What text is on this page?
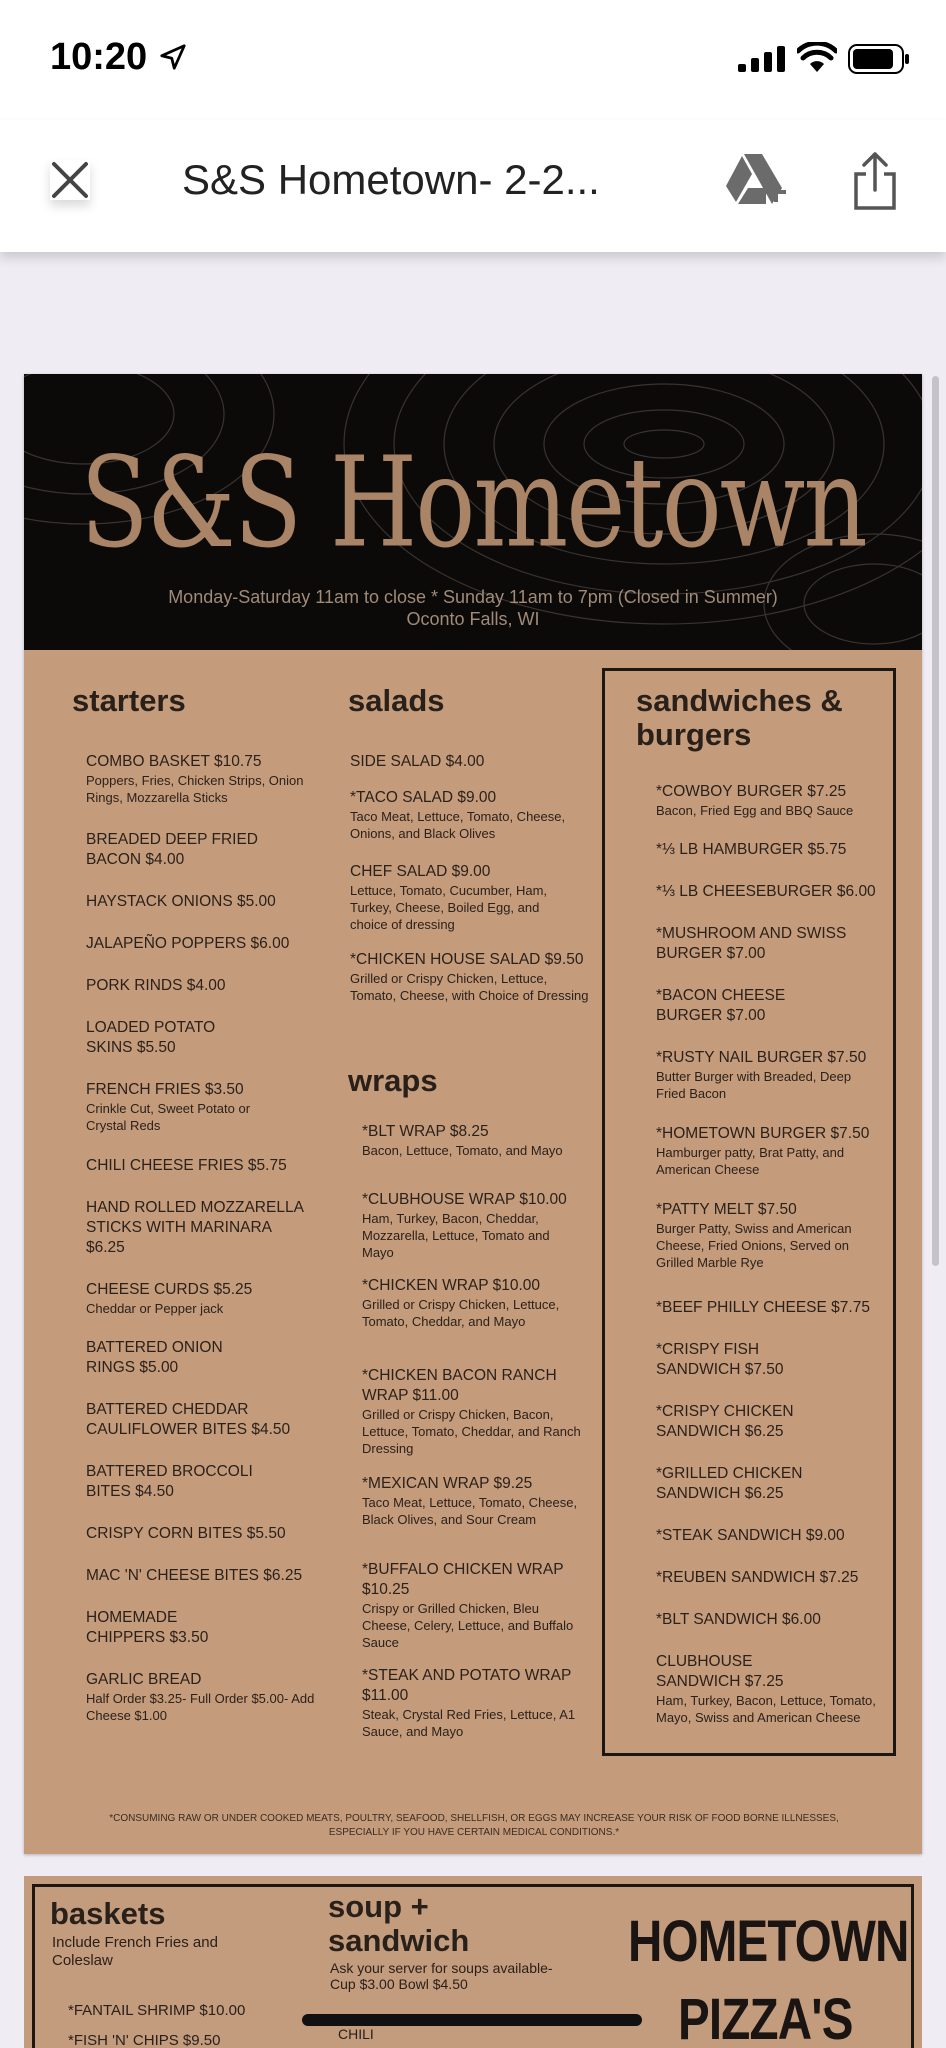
10:20
S&S Hometown- 2-2...
S&S Hometown
Monday-Saturday 11am to close * Sunday 11am to 7pm (Closed in Summer)
Oconto Falls, WI
starters
COMBO BASKET $10.75
Poppers, Fries, Chicken Strips, Onion Rings, Mozzarella Sticks
BREADED DEEP FRIED BACON $4.00
HAYSTACK ONIONS $5.00
JALAPEÑO POPPERS $6.00
PORK RINDS $4.00
LOADED POTATO SKINS $5.50
FRENCH FRIES $3.50
Crinkle Cut, Sweet Potato or Crystal Reds
CHILI CHEESE FRIES $5.75
HAND ROLLED MOZZARELLA STICKS WITH MARINARA $6.25
CHEESE CURDS $5.25
Cheddar or Pepper jack
BATTERED ONION RINGS $5.00
BATTERED CHEDDAR CAULIFLOWER BITES $4.50
BATTERED BROCCOLI BITES $4.50
CRISPY CORN BITES $5.50
MAC 'N' CHEESE BITES $6.25
HOMEMADE CHIPPERS $3.50
GARLIC BREAD
Half Order $3.25- Full Order $5.00- Add Cheese $1.00
salads
SIDE SALAD $4.00
*TACO SALAD $9.00
Taco Meat, Lettuce, Tomato, Cheese, Onions, and Black Olives
CHEF SALAD $9.00
Lettuce, Tomato, Cucumber, Ham, Turkey, Cheese, Boiled Egg, and choice of dressing
*CHICKEN HOUSE SALAD $9.50
Grilled or Crispy Chicken, Lettuce, Tomato, Cheese, with Choice of Dressing
wraps
*BLT WRAP $8.25
Bacon, Lettuce, Tomato, and Mayo
*CLUBHOUSE WRAP $10.00
Ham, Turkey, Bacon, Cheddar, Mozzarella, Lettuce, Tomato and Mayo
*CHICKEN WRAP $10.00
Grilled or Crispy Chicken, Lettuce, Tomato, Cheddar, and Mayo
*CHICKEN BACON RANCH WRAP $11.00
Grilled or Crispy Chicken, Bacon, Lettuce, Tomato, Cheddar, and Ranch Dressing
*MEXICAN WRAP $9.25
Taco Meat, Lettuce, Tomato, Cheese, Black Olives, and Sour Cream
*BUFFALO CHICKEN WRAP $10.25
Crispy or Grilled Chicken, Bleu Cheese, Celery, Lettuce, and Buffalo Sauce
*STEAK AND POTATO WRAP $11.00
Steak, Crystal Red Fries, Lettuce, A1 Sauce, and Mayo
sandwiches & burgers
*COWBOY BURGER $7.25
Bacon, Fried Egg and BBQ Sauce
*⅓ LB HAMBURGER $5.75
*⅓ LB CHEESEBURGER $6.00
*MUSHROOM AND SWISS BURGER $7.00
*BACON CHEESE BURGER $7.00
*RUSTY NAIL BURGER $7.50
Butter Burger with Breaded, Deep Fried Bacon
*HOMETOWN BURGER $7.50
Hamburger patty, Brat Patty, and American Cheese
*PATTY MELT $7.50
Burger Patty, Swiss and American Cheese, Fried Onions, Served on Grilled Marble Rye
*BEEF PHILLY CHEESE $7.75
*CRISPY FISH SANDWICH $7.50
*CRISPY CHICKEN SANDWICH $6.25
*GRILLED CHICKEN SANDWICH $6.25
*STEAK SANDWICH $9.00
*REUBEN SANDWICH $7.25
*BLT SANDWICH $6.00
CLUBHOUSE SANDWICH $7.25
Ham, Turkey, Bacon, Lettuce, Tomato, Mayo, Swiss and American Cheese
*CONSUMING RAW OR UNDER COOKED MEATS, POULTRY, SEAFOOD, SHELLFISH, OR EGGS MAY INCREASE YOUR RISK OF FOOD BORNE ILLNESSES, ESPECIALLY IF YOU HAVE CERTAIN MEDICAL CONDITIONS.*
baskets
Include French Fries and Coleslaw
*FANTAIL SHRIMP $10.00
*FISH 'N' CHIPS $9.50
soup + sandwich
Ask your server for soups available- Cup $3.00 Bowl $4.50
CHILI
HOMETOWN
PIZZA'S
